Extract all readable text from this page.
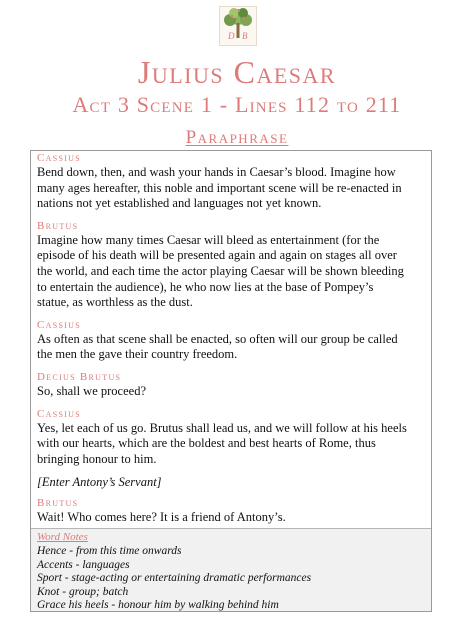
D B
Julius Caesar
Act 3 Scene 1 - Lines 112 to 211
Paraphrase
Cassius

Bend down, then, and wash your hands in Caesar’s blood. Imagine how

many ages hereafter, this noble and important scene will be re-enacted in

nations not yet established and languages not yet known.

Brutus

Imagine how many times Caesar will bleed as entertainment (for the

episode of his death will be presented again and again on stages all over

the world, and each time the actor playing Caesar will be shown bleeding

to entertain the audience), he who now lies at the base of Pompey’s

statue, as worthless as the dust.

Cassius

As often as that scene shall be enacted, so often will our group be called

the men the gave their country freedom.

Decius Brutus

So, shall we proceed?

Cassius

Yes, let each of us go. Brutus shall lead us, and we will follow at his heels

with our hearts, which are the boldest and best hearts of Rome, thus

bringing honour to him.

[Enter Antony’s Servant]

Brutus

Wait! Who comes here? It is a friend of Antony’s.

Word Notes

Hence - from this time onwards

Accents - languages

Sport - stage-acting or entertaining dramatic performances

Knot - group; batch

Grace his heels - honour him by walking behind him
